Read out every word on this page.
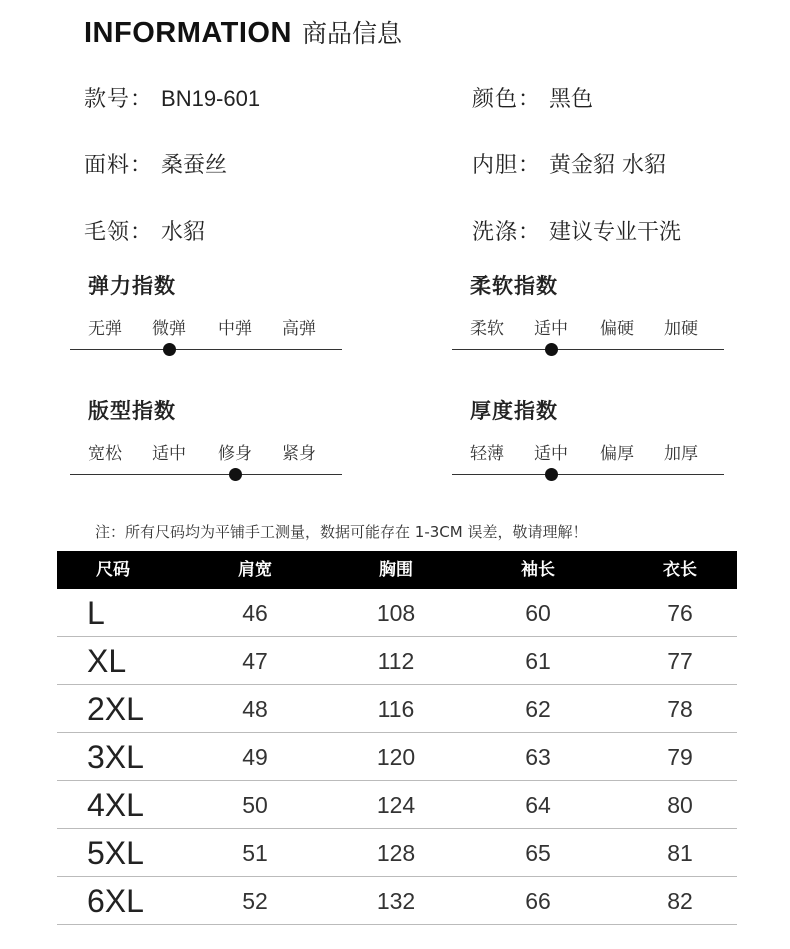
INFORMATION 商品信息
款号： BN19-601	颜色： 黑色
面料： 桑蚕丝	内胆： 黄金貂 水貂
毛领： 水貂	洗涤： 建议专业干洗
弹力指数
无弹 微弹 中弹 高弹
柔软指数
柔软 适中 偏硬 加硬
版型指数
宽松 适中 修身 紧身
厚度指数
轻薄 适中 偏厚 加厚
注：所有尺码均为平铺手工测量，数据可能存在 1-3CM 误差，敬请理解！
尺码	肩宽	胸围	袖长	衣长
L	46	108	60	76
XL	47	112	61	77
2XL	48	116	62	78
3XL	49	120	63	79
4XL	50	124	64	80
5XL	51	128	65	81
6XL	52	132	66	82
